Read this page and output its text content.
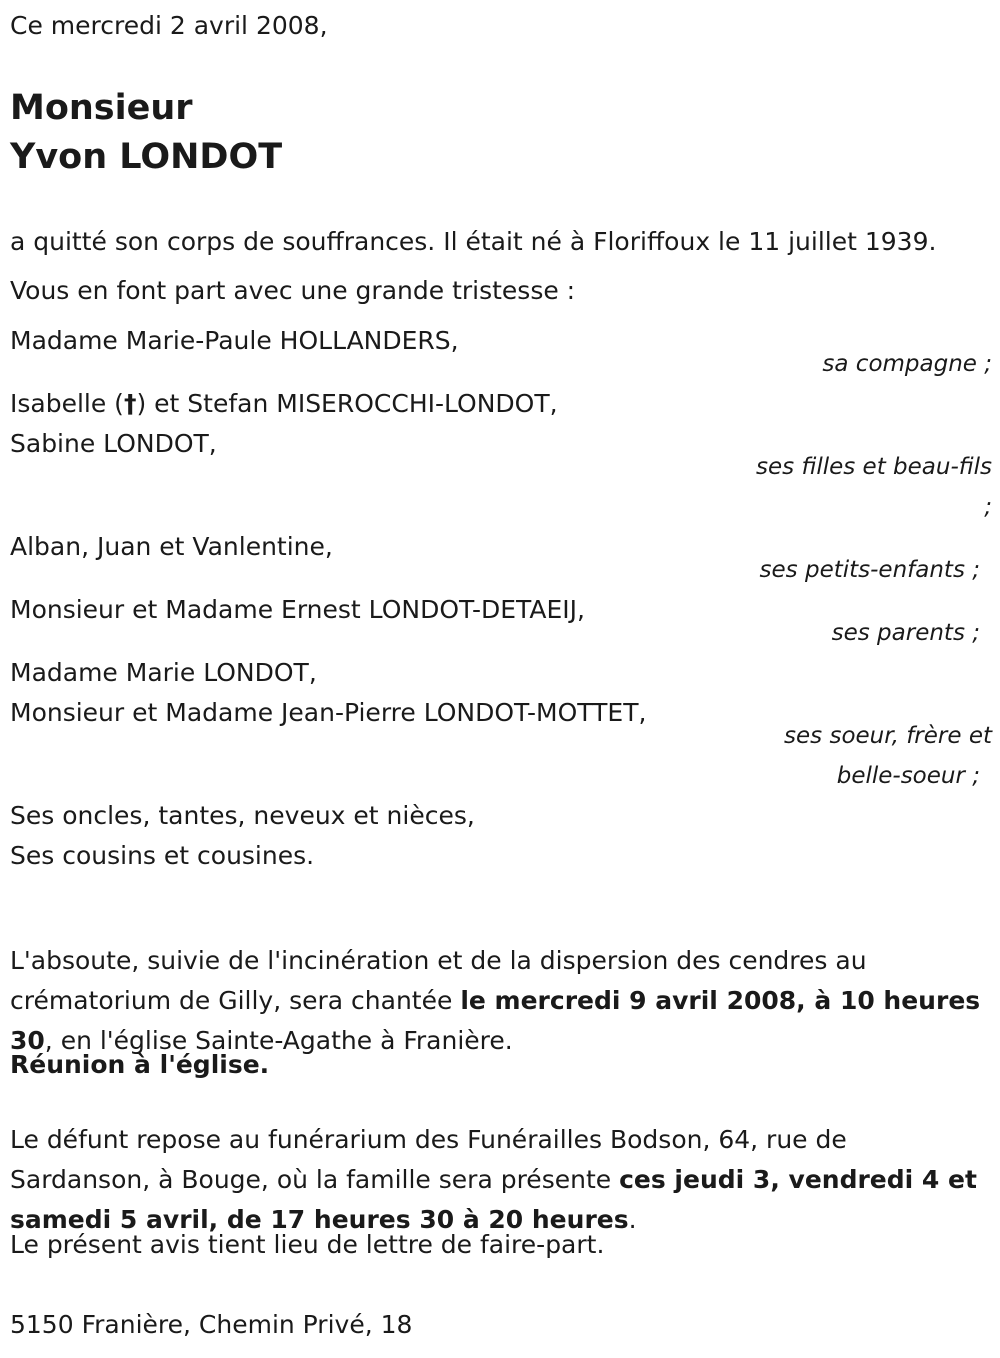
Ce mercredi 2 avril 2008,

Monsieur
Yvon LONDOT

a quitté son corps de souffrances. Il était né à Floriffoux le 11 juillet 1939.

Vous en font part avec une grande tristesse :

Madame Marie-Paule HOLLANDERS,

sa compagne ;

Isabelle (†) et Stefan MISEROCCHI-LONDOT,

Sabine LONDOT,

ses filles et beau-fils
;

Alban, Juan et Vanlentine,

ses petits-enfants ;

Monsieur et Madame Ernest LONDOT-DETAEIJ,

ses parents ;

Madame Marie LONDOT,

Monsieur et Madame Jean-Pierre LONDOT-MOTTET,

ses soeur, frère et
belle-soeur ;

Ses oncles, tantes, neveux et nièces,

Ses cousins et cousines.

L'absoute, suivie de l'incinération et de la dispersion des cendres au crématorium de Gilly, sera chantée le mercredi 9 avril 2008, à 10 heures 30, en l'église Sainte-Agathe à Franière.

Réunion à l'église.

Le défunt repose au funérarium des Funérailles Bodson, 64, rue de Sardanson, à Bouge, où la famille sera présente ces jeudi 3, vendredi 4 et samedi 5 avril, de 17 heures 30 à 20 heures.

Le présent avis tient lieu de lettre de faire-part.

5150 Franière, Chemin Privé, 18
